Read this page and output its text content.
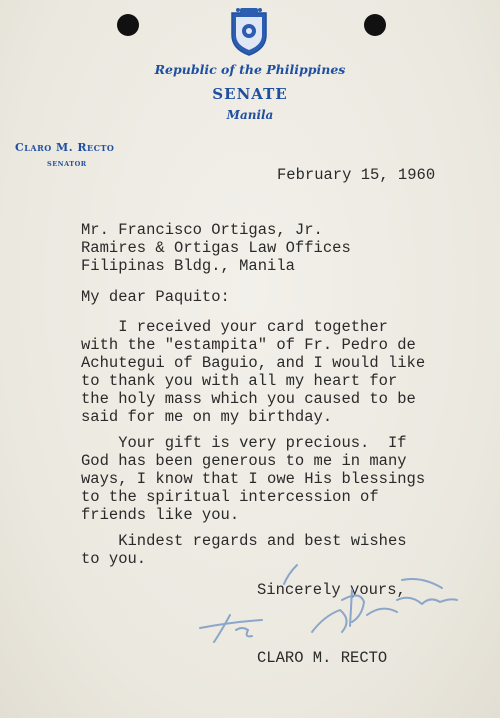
Republic of the Philippines
SENATE
Manila
Claro M. Recto
SENATOR
February 15, 1960
Mr. Francisco Ortigas, Jr.
Ramires & Ortigas Law Offices
Filipinas Bldg., Manila
My dear Paquito:
I received your card together
with the "estampita" of Fr. Pedro de
Achutegui of Baguio, and I would like
to thank you with all my heart for
the holy mass which you caused to be
said for me on my birthday.
Your gift is very precious.  If
God has been generous to me in many
ways, I know that I owe His blessings
to the spiritual intercession of
friends like you.
Kindest regards and best wishes
to you.
Sincerely yours,
CLARO M. RECTO
